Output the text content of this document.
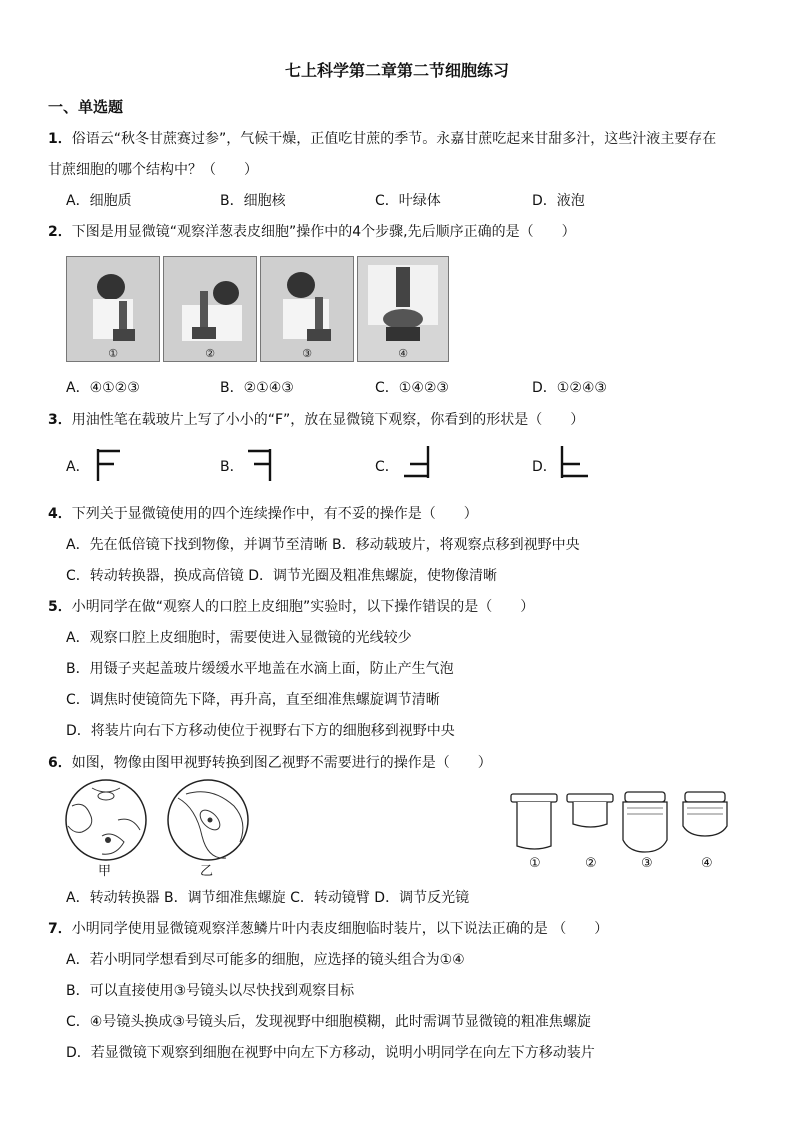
七上科学第二章第二节细胞练习
一、单选题
1．俗语云“秋冬甘蔗赛过参”，气候干燥，正值吃甘蔗的季节。永嘉甘蔗吃起来甘甜多汁，这些汁液主要存在
甘蔗细胞的哪个结构中？（　　）
A．细胞质	B．细胞核	C．叶绿体	D．液泡
2．下图是用显微镜“观察洋葱表皮细胞”操作中的4个步骤,先后顺序正确的是（　　）
①	②	③	④
A．④①②③	B．②①④③	C．①④②③	D．①②④③
3．用油性笔在载玻片上写了小小的“F”，放在显微镜下观察，你看到的形状是（　　）
A．	B．	C．	D．
4．下列关于显微镜使用的四个连续操作中，有不妥的操作是（　　）
A．先在低倍镜下找到物像，并调节至清晰 B．移动载玻片，将观察点移到视野中央
C．转动转换器，换成高倍镜 D．调节光圈及粗准焦螺旋，使物像清晰
5．小明同学在做“观察人的口腔上皮细胞”实验时，以下操作错误的是（　　）
A．观察口腔上皮细胞时，需要使进入显微镜的光线较少
B．用镊子夹起盖玻片缓缓水平地盖在水滴上面，防止产生气泡
C．调焦时使镜筒先下降，再升高，直至细准焦螺旋调节清晰
D．将装片向右下方移动使位于视野右下方的细胞移到视野中央
6．如图，物像由图甲视野转换到图乙视野不需要进行的操作是（　　）
甲	乙
①	②	③	④
A．转动转换器 B．调节细准焦螺旋 C．转动镜臂 D．调节反光镜
7．小明同学使用显微镜观察洋葱鳞片叶内表皮细胞临时装片，以下说法正确的是 （　　）
A．若小明同学想看到尽可能多的细胞，应选择的镜头组合为①④
B．可以直接使用③号镜头以尽快找到观察目标
C．④号镜头换成③号镜头后，发现视野中细胞模糊，此时需调节显微镜的粗准焦螺旋
D．若显微镜下观察到细胞在视野中向左下方移动，说明小明同学在向左下方移动装片
